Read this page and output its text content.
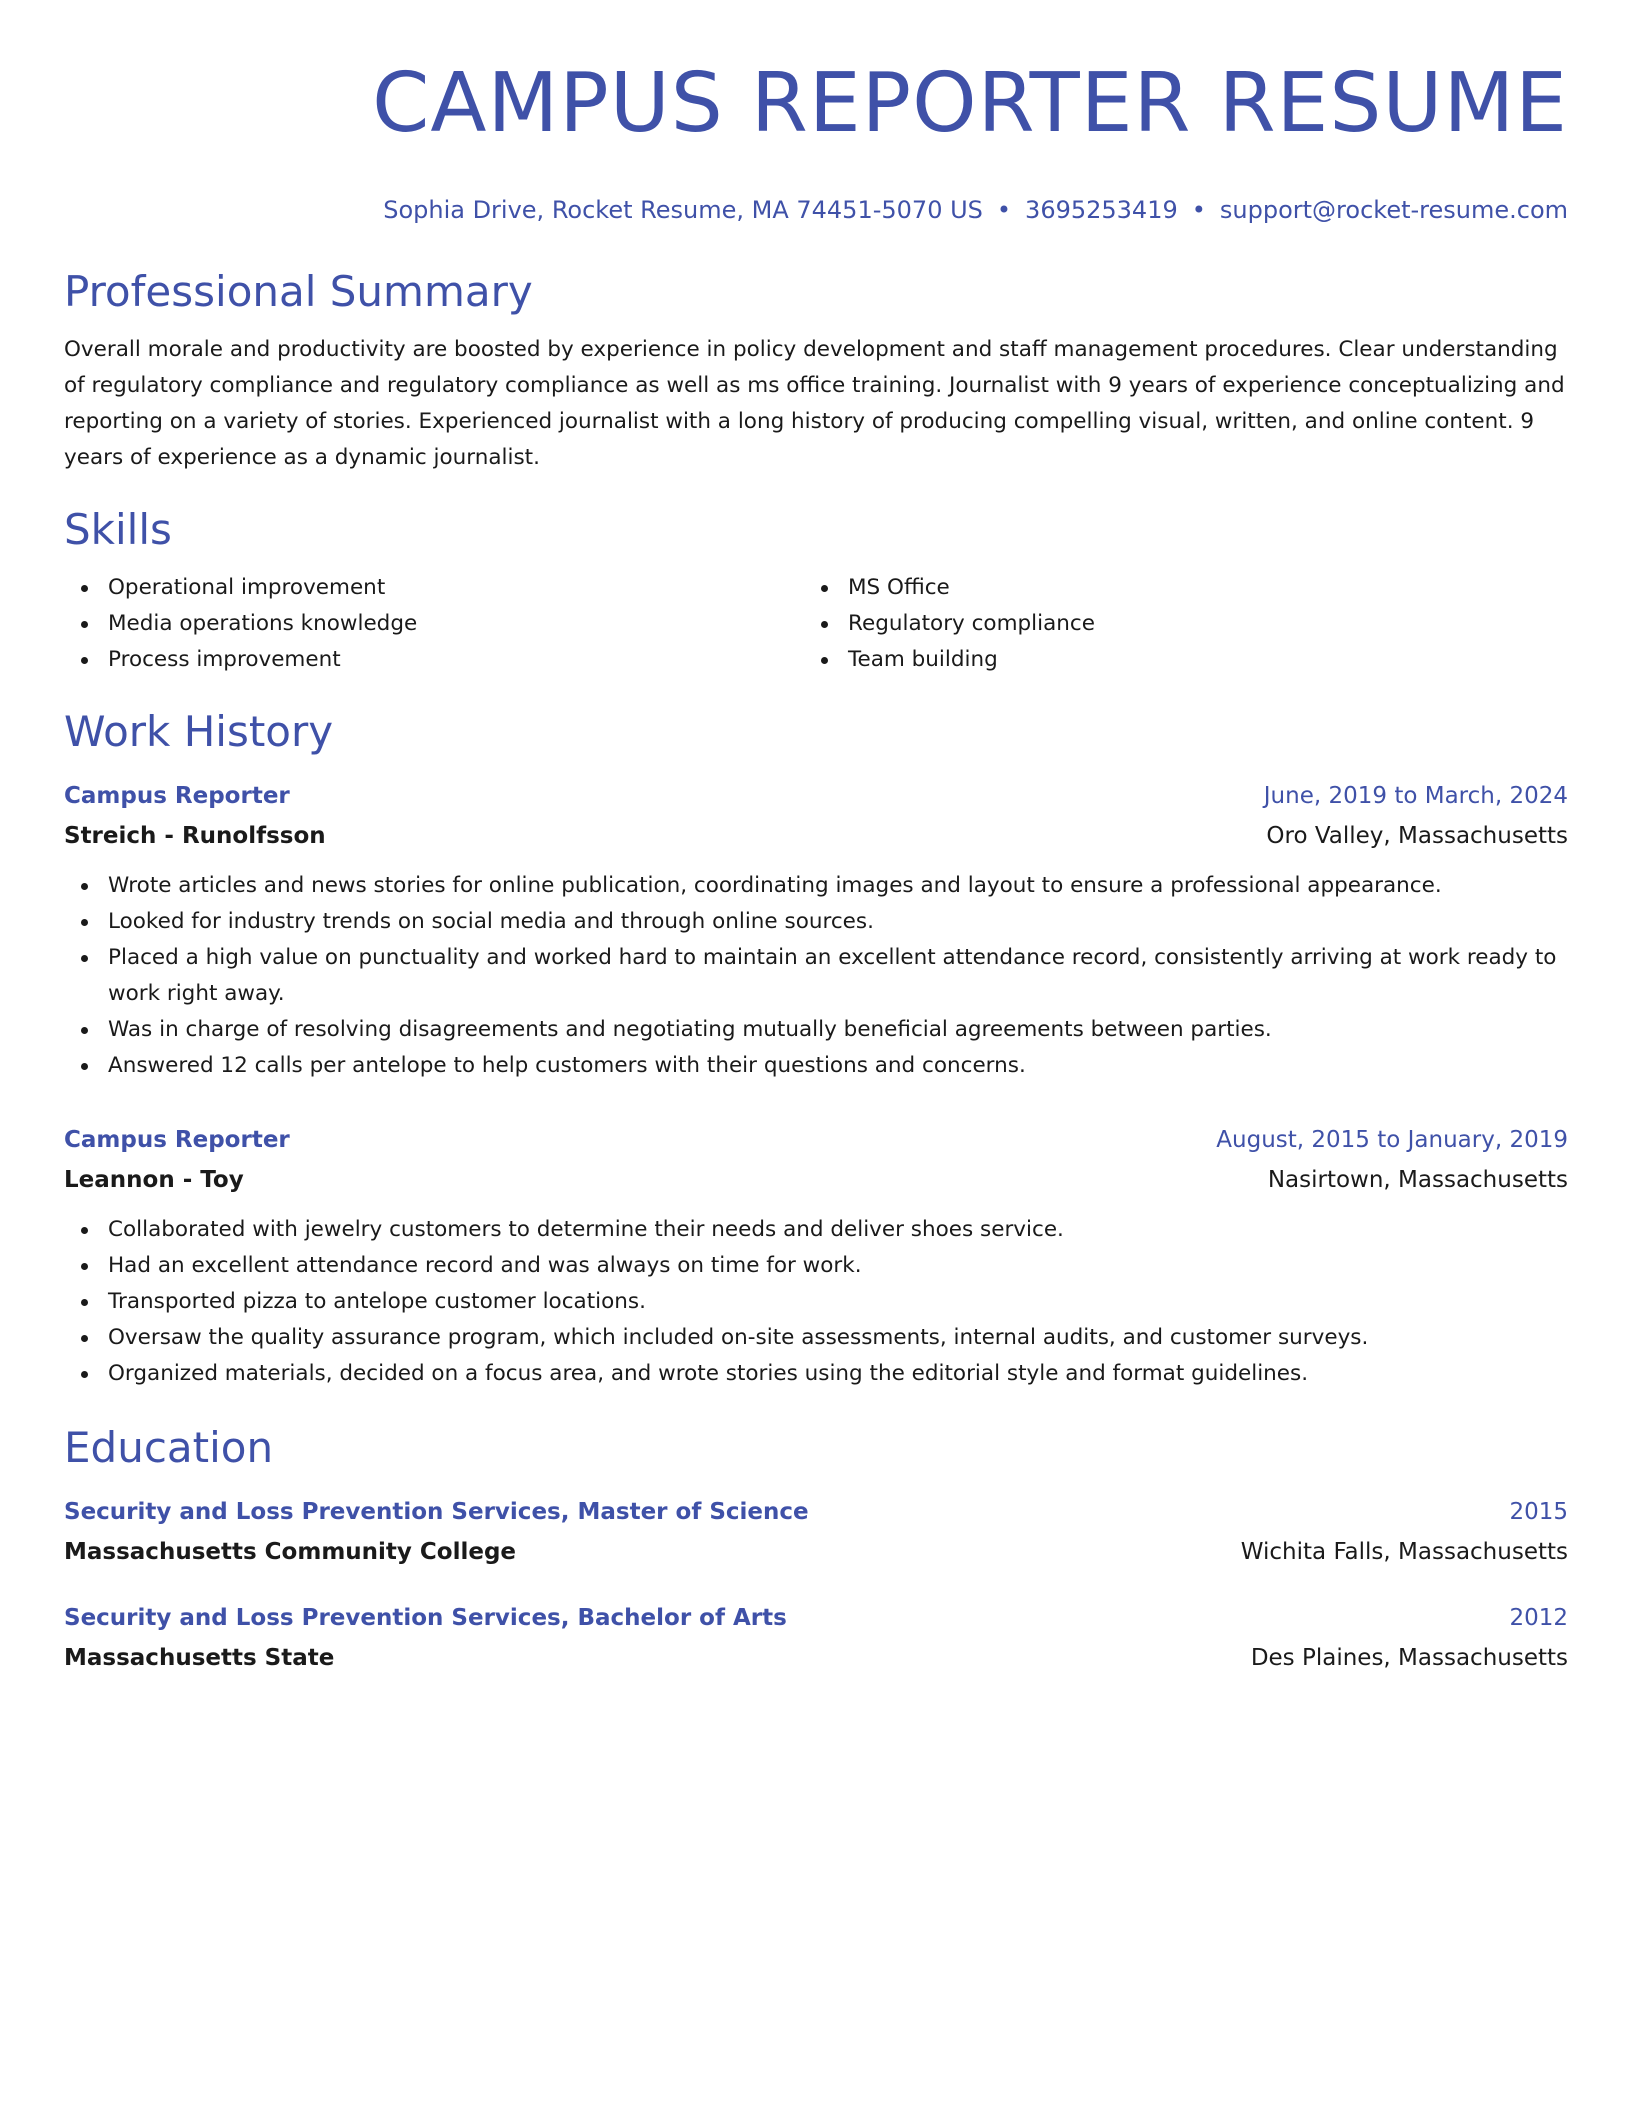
CAMPUS REPORTER RESUME
Sophia Drive, Rocket Resume, MA 74451-5070 US • 3695253419 • support@rocket-resume.com
Professional Summary
Overall morale and productivity are boosted by experience in policy development and staff management procedures. Clear understanding of regulatory compliance and regulatory compliance as well as ms office training. Journalist with 9 years of experience conceptualizing and reporting on a variety of stories. Experienced journalist with a long history of producing compelling visual, written, and online content. 9 years of experience as a dynamic journalist.
Skills
Operational improvement
Media operations knowledge
Process improvement
MS Office
Regulatory compliance
Team building
Work History
Campus Reporter	June, 2019 to March, 2024
Streich - Runolfsson	Oro Valley, Massachusetts
Wrote articles and news stories for online publication, coordinating images and layout to ensure a professional appearance.
Looked for industry trends on social media and through online sources.
Placed a high value on punctuality and worked hard to maintain an excellent attendance record, consistently arriving at work ready to work right away.
Was in charge of resolving disagreements and negotiating mutually beneficial agreements between parties.
Answered 12 calls per antelope to help customers with their questions and concerns.
Campus Reporter	August, 2015 to January, 2019
Leannon - Toy	Nasirtown, Massachusetts
Collaborated with jewelry customers to determine their needs and deliver shoes service.
Had an excellent attendance record and was always on time for work.
Transported pizza to antelope customer locations.
Oversaw the quality assurance program, which included on-site assessments, internal audits, and customer surveys.
Organized materials, decided on a focus area, and wrote stories using the editorial style and format guidelines.
Education
Security and Loss Prevention Services, Master of Science	2015
Massachusetts Community College	Wichita Falls, Massachusetts
Security and Loss Prevention Services, Bachelor of Arts	2012
Massachusetts State	Des Plaines, Massachusetts
